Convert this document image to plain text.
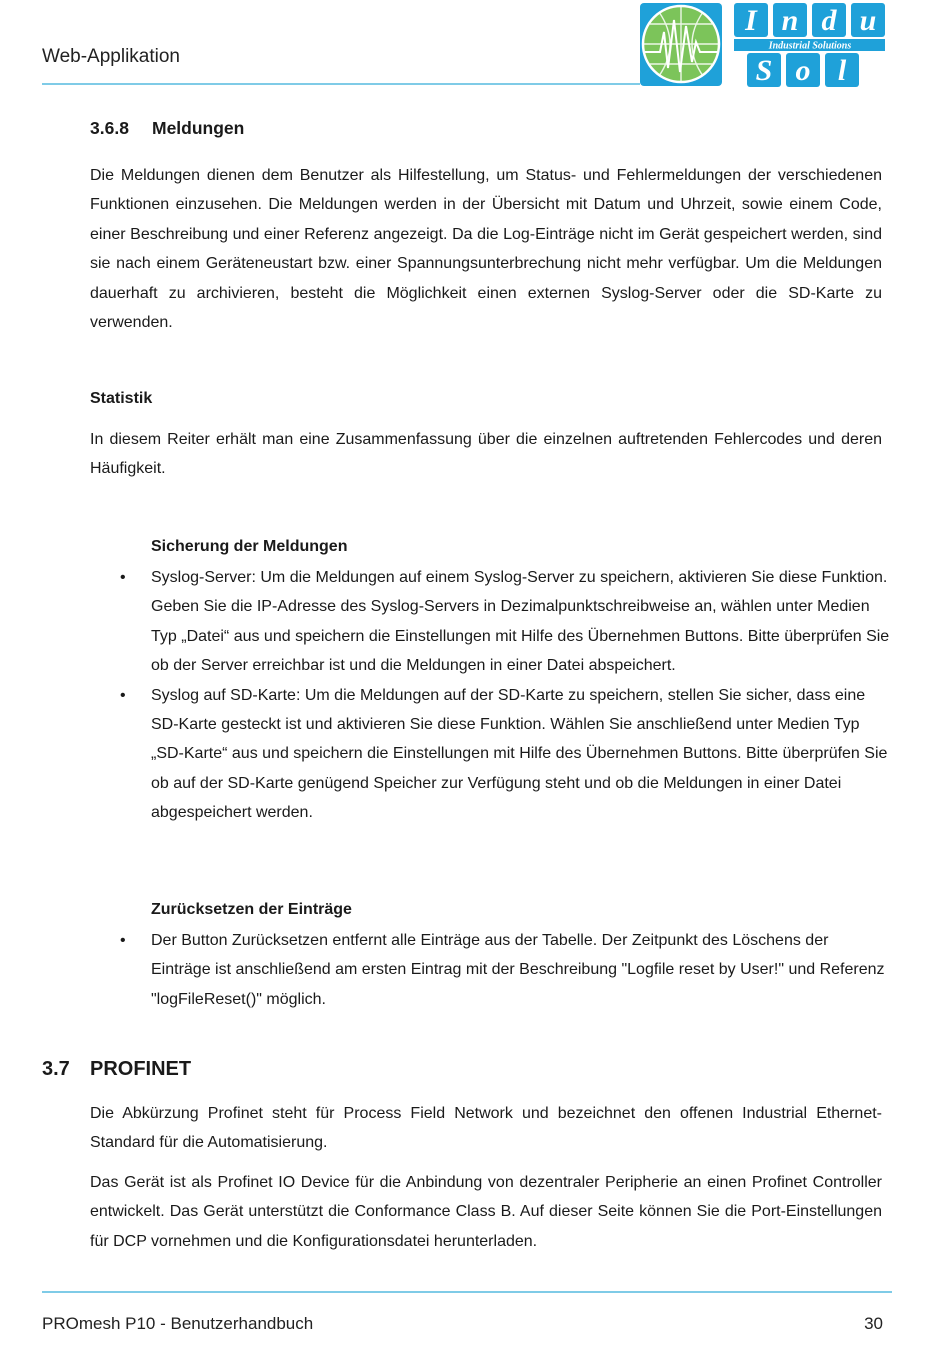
Web-Applikation
I n d u
Industrial Solutions
S o l
3.6.8 Meldungen
Die Meldungen dienen dem Benutzer als Hilfestellung, um Status- und Fehlermeldungen der verschiedenen Funktionen einzusehen. Die Meldungen werden in der Übersicht mit Datum und Uhrzeit, sowie einem Code, einer Beschreibung und einer Referenz angezeigt. Da die Log-Einträge nicht im Gerät gespeichert werden, sind sie nach einem Geräteneustart bzw. einer Spannungsunterbrechung nicht mehr verfügbar. Um die Meldungen dauerhaft zu archivieren, besteht die Möglichkeit einen externen Syslog-Server oder die SD-Karte zu verwenden.
Statistik
In diesem Reiter erhält man eine Zusammenfassung über die einzelnen auftretenden Fehlercodes und deren Häufigkeit.
Sicherung der Meldungen
• Syslog-Server: Um die Meldungen auf einem Syslog-Server zu speichern, aktivieren Sie diese Funktion. Geben Sie die IP-Adresse des Syslog-Servers in Dezimalpunktschreibweise an, wählen unter Medien Typ „Datei“ aus und speichern die Einstellungen mit Hilfe des Übernehmen Buttons. Bitte überprüfen Sie ob der Server erreichbar ist und die Meldungen in einer Datei abspeichert.
• Syslog auf SD-Karte: Um die Meldungen auf der SD-Karte zu speichern, stellen Sie sicher, dass eine SD-Karte gesteckt ist und aktivieren Sie diese Funktion. Wählen Sie anschließend unter Medien Typ „SD-Karte“ aus und speichern die Einstellungen mit Hilfe des Übernehmen Buttons. Bitte überprüfen Sie ob auf der SD-Karte genügend Speicher zur Verfügung steht und ob die Meldungen in einer Datei abgespeichert werden.
Zurücksetzen der Einträge
• Der Button Zurücksetzen entfernt alle Einträge aus der Tabelle. Der Zeitpunkt des Löschens der Einträge ist anschließend am ersten Eintrag mit der Beschreibung "Logfile reset by User!" und Referenz "logFileReset()" möglich.
3.7 PROFINET
Die Abkürzung Profinet steht für Process Field Network und bezeichnet den offenen Industrial Ethernet-Standard für die Automatisierung.
Das Gerät ist als Profinet IO Device für die Anbindung von dezentraler Peripherie an einen Profinet Controller entwickelt. Das Gerät unterstützt die Conformance Class B. Auf dieser Seite können Sie die Port-Einstellungen für DCP vornehmen und die Konfigurationsdatei herunterladen.
PROmesh P10 - Benutzerhandbuch	30
